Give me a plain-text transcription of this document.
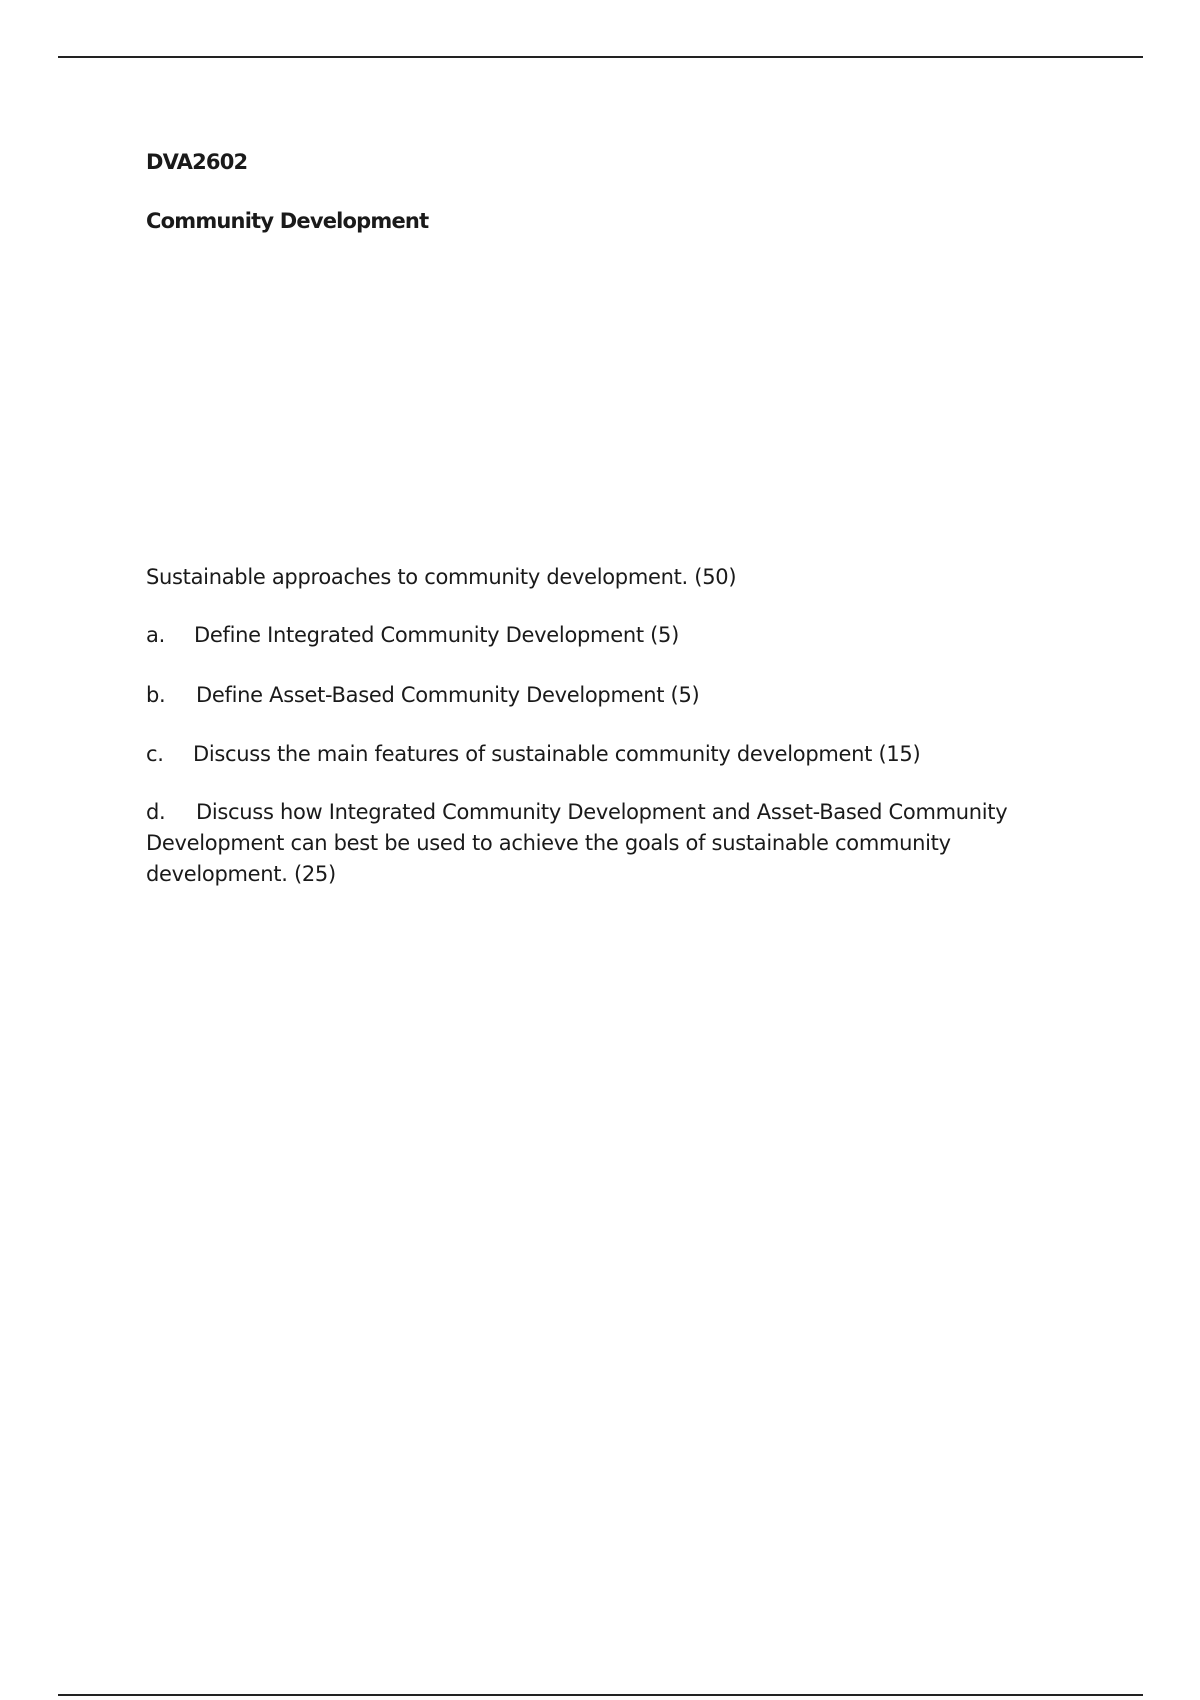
DVA2602
Community Development
Sustainable approaches to community development. (50)
a.	Define Integrated Community Development (5)
b.	Define Asset-Based Community Development (5)
c.	Discuss the main features of sustainable community development (15)
d. Discuss how Integrated Community Development and Asset-Based Community Development can best be used to achieve the goals of sustainable community development. (25)
